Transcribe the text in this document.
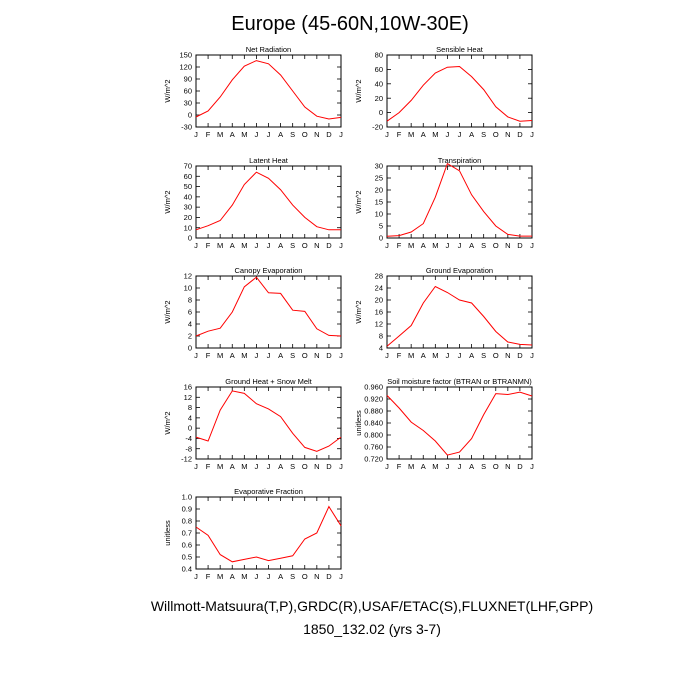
Europe (45-60N,10W-30E)
Net Radiation
J F M A M J J A S O N D J
150
120
90
60
30
0
-30
W/m^2
Sensible Heat
J F M A M J J A S O N D J
80
60
40
20
0
-20
W/m^2
Latent Heat
J F M A M J J A S O N D J
70
60
50
40
30
20
10
0
W/m^2
Transpiration
J F M A M J J A S O N D J
30
25
20
15
10
5
0
W/m^2
Canopy Evaporation
J F M A M J J A S O N D J
12
10
8
6
4
2
0
W/m^2
Ground Evaporation
J F M A M J J A S O N D J
28
24
20
16
12
8
4
W/m^2
Ground Heat + Snow Melt
J F M A M J J A S O N D J
16
12
8
4
0
-4
-8
-12
W/m^2
Soil moisture factor (BTRAN or BTRANMN)
J F M A M J J A S O N D J
0.960
0.920
0.880
0.840
0.800
0.760
0.720
unitless
Evaporative Fraction
J F M A M J J A S O N D J
1.0
0.9
0.8
0.7
0.6
0.5
0.4
unitless
Willmott-Matsuura(T,P),GRDC(R),USAF/ETAC(S),FLUXNET(LHF,GPP)
1850_132.02 (yrs 3-7)
